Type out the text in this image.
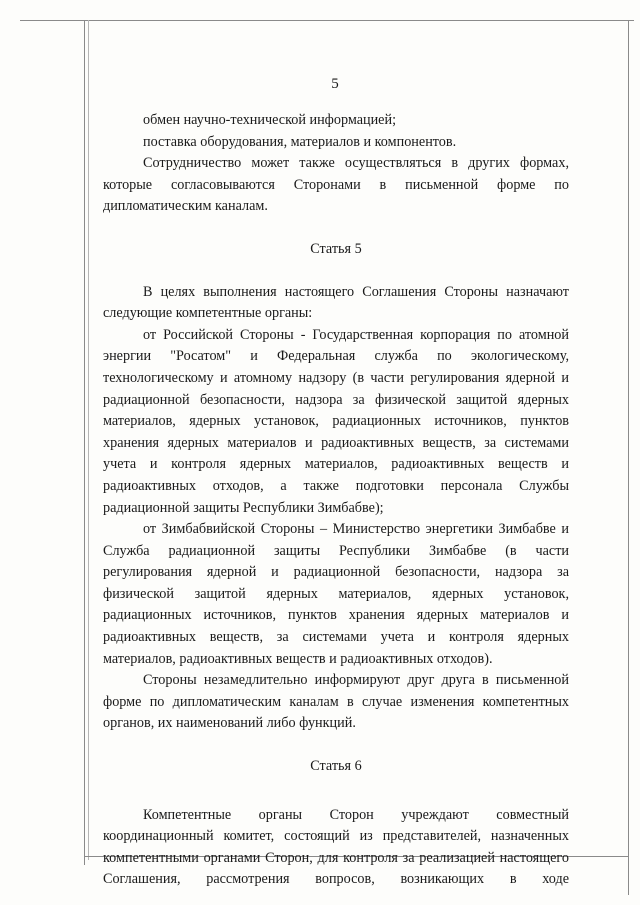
5

обмен научно-технической информацией;

поставка оборудования, материалов и компонентов.

Сотрудничество может также осуществляться в других формах, которые согласовываются Сторонами в письменной форме по дипломатическим каналам.

Статья 5

В целях выполнения настоящего Соглашения Стороны назначают следующие компетентные органы:

от Российской Стороны - Государственная корпорация по атомной энергии "Росатом" и Федеральная служба по экологическому, технологическому и атомному надзору (в части регулирования ядерной и радиационной безопасности, надзора за физической защитой ядерных материалов, ядерных установок, радиационных источников, пунктов хранения ядерных материалов и радиоактивных веществ, за системами учета и контроля ядерных материалов, радиоактивных веществ и радиоактивных отходов, а также подготовки персонала Службы радиационной защиты Республики Зимбабве);

от Зимбабвийской Стороны – Министерство энергетики Зимбабве и Служба радиационной защиты Республики Зимбабве (в части регулирования ядерной и радиационной безопасности, надзора за физической защитой ядерных материалов, ядерных установок, радиационных источников, пунктов хранения ядерных материалов и радиоактивных веществ, за системами учета и контроля ядерных материалов, радиоактивных веществ и радиоактивных отходов).

Стороны незамедлительно информируют друг друга в письменной форме по дипломатическим каналам в случае изменения компетентных органов, их наименований либо функций.

Статья 6

Компетентные органы Сторон учреждают совместный координационный комитет, состоящий из представителей, назначенных компетентными органами Сторон, для контроля за реализацией настоящего Соглашения, рассмотрения вопросов, возникающих в ходе
